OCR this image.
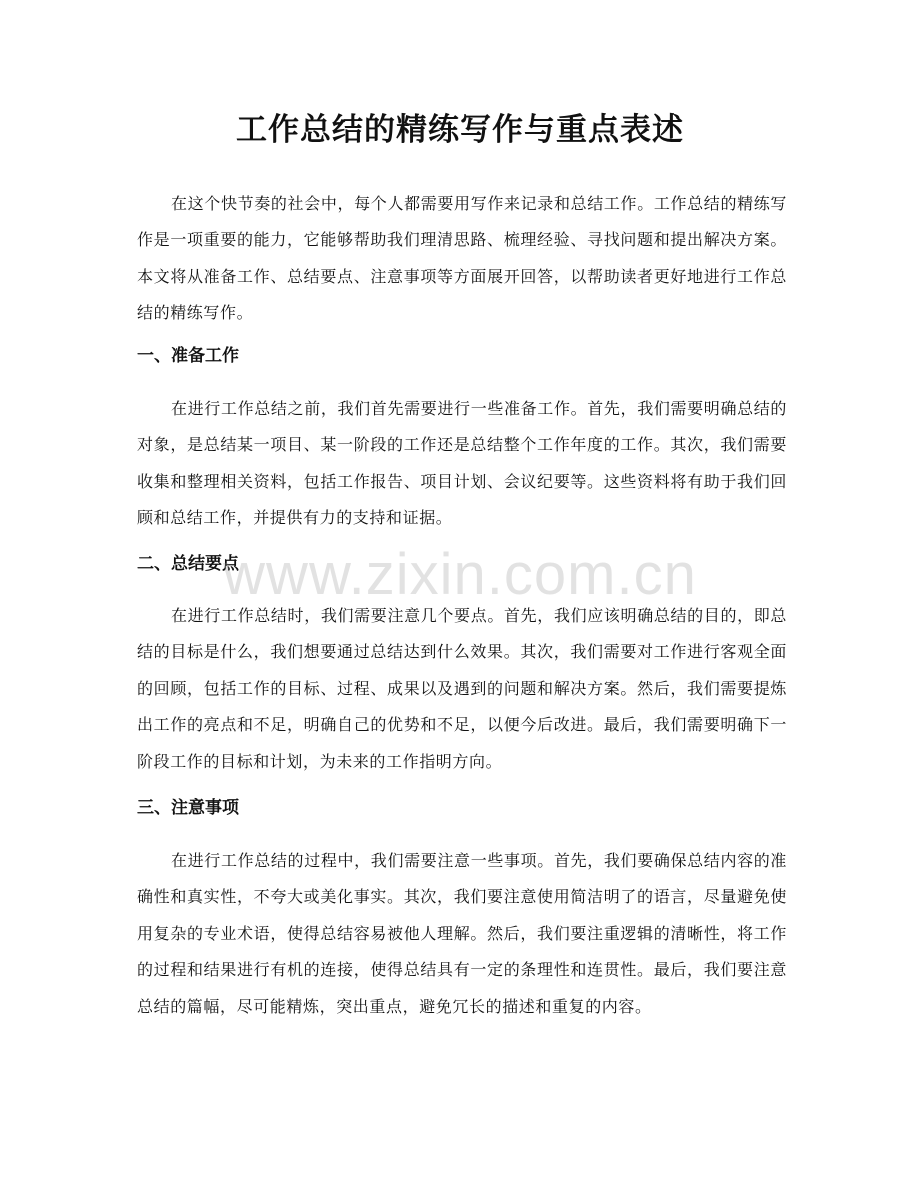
工作总结的精练写作与重点表述

在这个快节奏的社会中，每个人都需要用写作来记录和总结工作。工作总结的精练写作是一项重要的能力，它能够帮助我们理清思路、梳理经验、寻找问题和提出解决方案。本文将从准备工作、总结要点、注意事项等方面展开回答，以帮助读者更好地进行工作总结的精练写作。

一、准备工作

在进行工作总结之前，我们首先需要进行一些准备工作。首先，我们需要明确总结的对象，是总结某一项目、某一阶段的工作还是总结整个工作年度的工作。其次，我们需要收集和整理相关资料，包括工作报告、项目计划、会议纪要等。这些资料将有助于我们回顾和总结工作，并提供有力的支持和证据。

二、总结要点

在进行工作总结时，我们需要注意几个要点。首先，我们应该明确总结的目的，即总结的目标是什么，我们想要通过总结达到什么效果。其次，我们需要对工作进行客观全面的回顾，包括工作的目标、过程、成果以及遇到的问题和解决方案。然后，我们需要提炼出工作的亮点和不足，明确自己的优势和不足，以便今后改进。最后，我们需要明确下一阶段工作的目标和计划，为未来的工作指明方向。

三、注意事项

在进行工作总结的过程中，我们需要注意一些事项。首先，我们要确保总结内容的准确性和真实性，不夸大或美化事实。其次，我们要注意使用简洁明了的语言，尽量避免使用复杂的专业术语，使得总结容易被他人理解。然后，我们要注重逻辑的清晰性，将工作的过程和结果进行有机的连接，使得总结具有一定的条理性和连贯性。最后，我们要注意总结的篇幅，尽可能精炼，突出重点，避免冗长的描述和重复的内容。

www.zixin.com.cn
